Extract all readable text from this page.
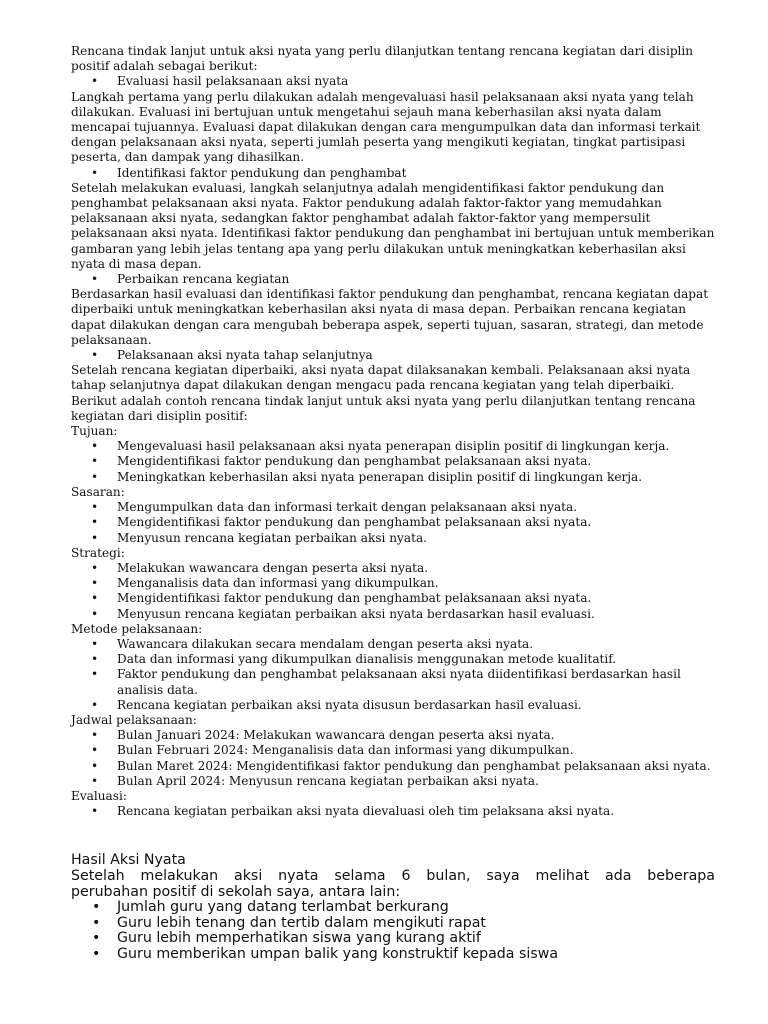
Rencana tindak lanjut untuk aksi nyata yang perlu dilanjutkan tentang rencana kegiatan dari disiplin positif adalah sebagai berikut:

• Evaluasi hasil pelaksanaan aksi nyata

Langkah pertama yang perlu dilakukan adalah mengevaluasi hasil pelaksanaan aksi nyata yang telah dilakukan. Evaluasi ini bertujuan untuk mengetahui sejauh mana keberhasilan aksi nyata dalam mencapai tujuannya. Evaluasi dapat dilakukan dengan cara mengumpulkan data dan informasi terkait dengan pelaksanaan aksi nyata, seperti jumlah peserta yang mengikuti kegiatan, tingkat partisipasi peserta, dan dampak yang dihasilkan.

• Identifikasi faktor pendukung dan penghambat

Setelah melakukan evaluasi, langkah selanjutnya adalah mengidentifikasi faktor pendukung dan penghambat pelaksanaan aksi nyata. Faktor pendukung adalah faktor-faktor yang memudahkan pelaksanaan aksi nyata, sedangkan faktor penghambat adalah faktor-faktor yang mempersulit pelaksanaan aksi nyata. Identifikasi faktor pendukung dan penghambat ini bertujuan untuk memberikan gambaran yang lebih jelas tentang apa yang perlu dilakukan untuk meningkatkan keberhasilan aksi nyata di masa depan.

• Perbaikan rencana kegiatan

Berdasarkan hasil evaluasi dan identifikasi faktor pendukung dan penghambat, rencana kegiatan dapat diperbaiki untuk meningkatkan keberhasilan aksi nyata di masa depan. Perbaikan rencana kegiatan dapat dilakukan dengan cara mengubah beberapa aspek, seperti tujuan, sasaran, strategi, dan metode pelaksanaan.

• Pelaksanaan aksi nyata tahap selanjutnya

Setelah rencana kegiatan diperbaiki, aksi nyata dapat dilaksanakan kembali. Pelaksanaan aksi nyata tahap selanjutnya dapat dilakukan dengan mengacu pada rencana kegiatan yang telah diperbaiki.

Berikut adalah contoh rencana tindak lanjut untuk aksi nyata yang perlu dilanjutkan tentang rencana kegiatan dari disiplin positif:

Tujuan:

• Mengevaluasi hasil pelaksanaan aksi nyata penerapan disiplin positif di lingkungan kerja.
• Mengidentifikasi faktor pendukung dan penghambat pelaksanaan aksi nyata.
• Meningkatkan keberhasilan aksi nyata penerapan disiplin positif di lingkungan kerja.

Sasaran:

• Mengumpulkan data dan informasi terkait dengan pelaksanaan aksi nyata.
• Mengidentifikasi faktor pendukung dan penghambat pelaksanaan aksi nyata.
• Menyusun rencana kegiatan perbaikan aksi nyata.

Strategi:

• Melakukan wawancara dengan peserta aksi nyata.
• Menganalisis data dan informasi yang dikumpulkan.
• Mengidentifikasi faktor pendukung dan penghambat pelaksanaan aksi nyata.
• Menyusun rencana kegiatan perbaikan aksi nyata berdasarkan hasil evaluasi.

Metode pelaksanaan:

• Wawancara dilakukan secara mendalam dengan peserta aksi nyata.
• Data dan informasi yang dikumpulkan dianalisis menggunakan metode kualitatif.
• Faktor pendukung dan penghambat pelaksanaan aksi nyata diidentifikasi berdasarkan hasil analisis data.
• Rencana kegiatan perbaikan aksi nyata disusun berdasarkan hasil evaluasi.

Jadwal pelaksanaan:

• Bulan Januari 2024: Melakukan wawancara dengan peserta aksi nyata.
• Bulan Februari 2024: Menganalisis data dan informasi yang dikumpulkan.
• Bulan Maret 2024: Mengidentifikasi faktor pendukung dan penghambat pelaksanaan aksi nyata.
• Bulan April 2024: Menyusun rencana kegiatan perbaikan aksi nyata.

Evaluasi:

• Rencana kegiatan perbaikan aksi nyata dievaluasi oleh tim pelaksana aksi nyata.

Hasil Aksi Nyata

Setelah melakukan aksi nyata selama 6 bulan, saya melihat ada beberapa

perubahan positif di sekolah saya, antara lain:

• Jumlah guru yang datang terlambat berkurang
• Guru lebih tenang dan tertib dalam mengikuti rapat
• Guru lebih memperhatikan siswa yang kurang aktif
• Guru memberikan umpan balik yang konstruktif kepada siswa
